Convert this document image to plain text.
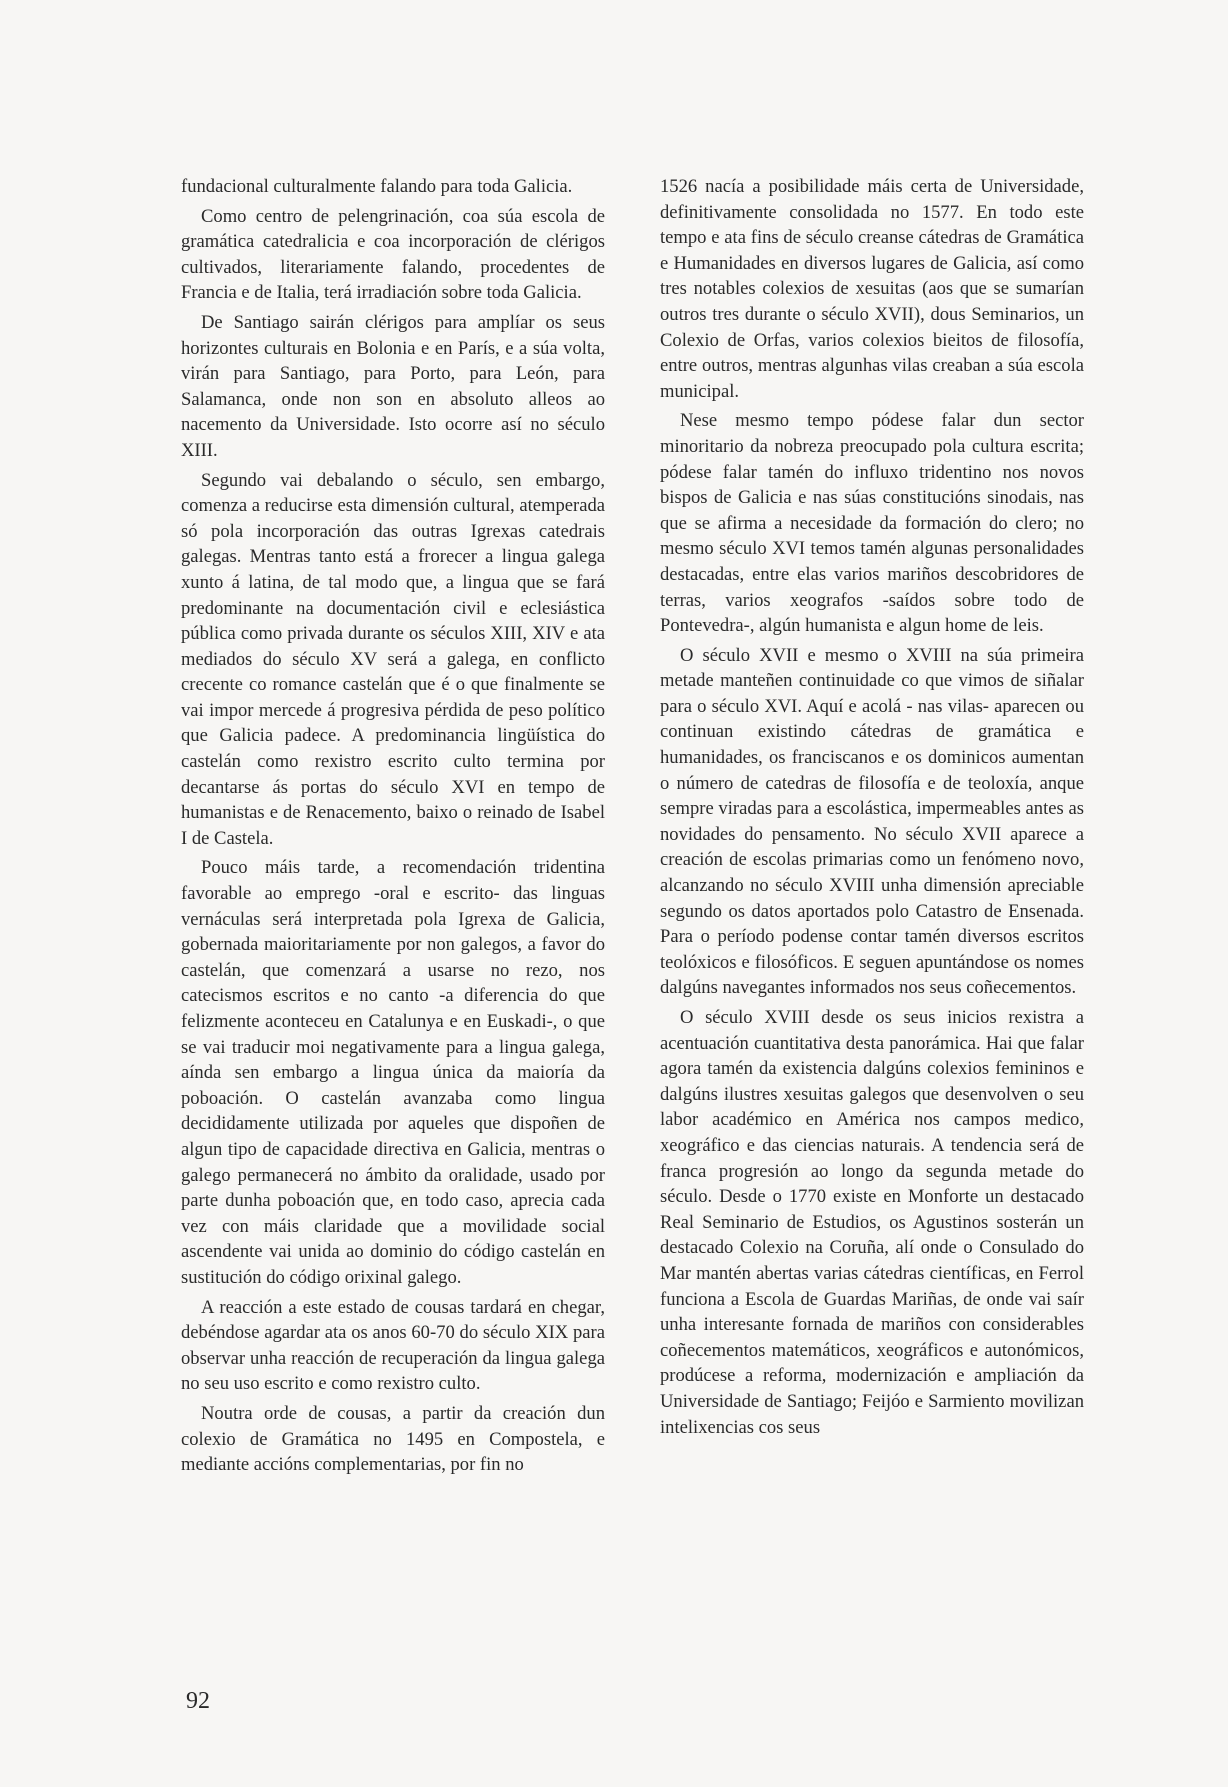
fundacional culturalmente falando para toda Galicia.

Como centro de pelengrinación, coa súa escola de gramática catedralicia e coa incorporación de clérigos cultivados, literariamente falando, procedentes de Francia e de Italia, terá irradiación sobre toda Galicia.

De Santiago sairán clérigos para amplíar os seus horizontes culturais en Bolonia e en París, e a súa volta, virán para Santiago, para Porto, para León, para Salamanca, onde non son en absoluto alleos ao nacemento da Universidade. Isto ocorre así no século XIII.

Segundo vai debalando o século, sen embargo, comenza a reducirse esta dimensión cultural, atemperada só pola incorporación das outras Igrexas catedrais galegas. Mentras tanto está a frorecer a lingua galega xunto á latina, de tal modo que, a lingua que se fará predominante na documentación civil e eclesiástica pública como privada durante os séculos XIII, XIV e ata mediados do século XV será a galega, en conflicto crecente co romance castelán que é o que finalmente se vai impor mercede á progresiva pérdida de peso político que Galicia padece. A predominancia lingüística do castelán como rexistro escrito culto termina por decantarse ás portas do século XVI en tempo de humanistas e de Renacemento, baixo o reinado de Isabel I de Castela.

Pouco máis tarde, a recomendación tridentina favorable ao emprego -oral e escrito- das linguas vernáculas será interpretada pola Igrexa de Galicia, gobernada maioritariamente por non galegos, a favor do castelán, que comenzará a usarse no rezo, nos catecismos escritos e no canto -a diferencia do que felizmente aconteceu en Catalunya e en Euskadi-, o que se vai traducir moi negativamente para a lingua galega, aínda sen embargo a lingua única da maioría da poboación. O castelán avanzaba como lingua decididamente utilizada por aqueles que dispoñen de algun tipo de capacidade directiva en Galicia, mentras o galego permanecerá no ámbito da oralidade, usado por parte dunha poboación que, en todo caso, aprecia cada vez con máis claridade que a movilidade social ascendente vai unida ao dominio do código castelán en sustitución do código orixinal galego.

A reacción a este estado de cousas tardará en chegar, debéndose agardar ata os anos 60-70 do século XIX para observar unha reacción de recuperación da lingua galega no seu uso escrito e como rexistro culto.

Noutra orde de cousas, a partir da creación dun colexio de Gramática no 1495 en Compostela, e mediante accións complementarias, por fin no

1526 nacía a posibilidade máis certa de Universidade, definitivamente consolidada no 1577. En todo este tempo e ata fins de século creanse cátedras de Gramática e Humanidades en diversos lugares de Galicia, así como tres notables colexios de xesuitas (aos que se sumarían outros tres durante o século XVII), dous Seminarios, un Colexio de Orfas, varios colexios bieitos de filosofía, entre outros, mentras algunhas vilas creaban a súa escola municipal.

Nese mesmo tempo pódese falar dun sector minoritario da nobreza preocupado pola cultura escrita; pódese falar tamén do influxo tridentino nos novos bispos de Galicia e nas súas constitucións sinodais, nas que se afirma a necesidade da formación do clero; no mesmo século XVI temos tamén algunas personalidades destacadas, entre elas varios mariños descobridores de terras, varios xeografos -saídos sobre todo de Pontevedra-, algún humanista e algun home de leis.

O século XVII e mesmo o XVIII na súa primeira metade manteñen continuidade co que vimos de siñalar para o século XVI. Aquí e acolá - nas vilas- aparecen ou continuan existindo cátedras de gramática e humanidades, os franciscanos e os dominicos aumentan o número de catedras de filosofía e de teoloxía, anque sempre viradas para a escolástica, impermeables antes as novidades do pensamento. No século XVII aparece a creación de escolas primarias como un fenómeno novo, alcanzando no século XVIII unha dimensión apreciable segundo os datos aportados polo Catastro de Ensenada. Para o período podense contar tamén diversos escritos teolóxicos e filosóficos. E seguen apuntándose os nomes dalgúns navegantes informados nos seus coñecementos.

O século XVIII desde os seus inicios rexistra a acentuación cuantitativa desta panorámica. Hai que falar agora tamén da existencia dalgúns colexios femininos e dalgúns ilustres xesuitas galegos que desenvolven o seu labor académico en América nos campos medico, xeográfico e das ciencias naturais. A tendencia será de franca progresión ao longo da segunda metade do século. Desde o 1770 existe en Monforte un destacado Real Seminario de Estudios, os Agustinos sosterán un destacado Colexio na Coruña, alí onde o Consulado do Mar mantén abertas varias cátedras científicas, en Ferrol funciona a Escola de Guardas Mariñas, de onde vai saír unha interesante fornada de mariños con considerables coñecementos matemáticos, xeográficos e autonómicos, prodúcese a reforma, modernización e ampliación da Universidade de Santiago; Feijóo e Sarmiento movilizan intelixencias cos seus

92
